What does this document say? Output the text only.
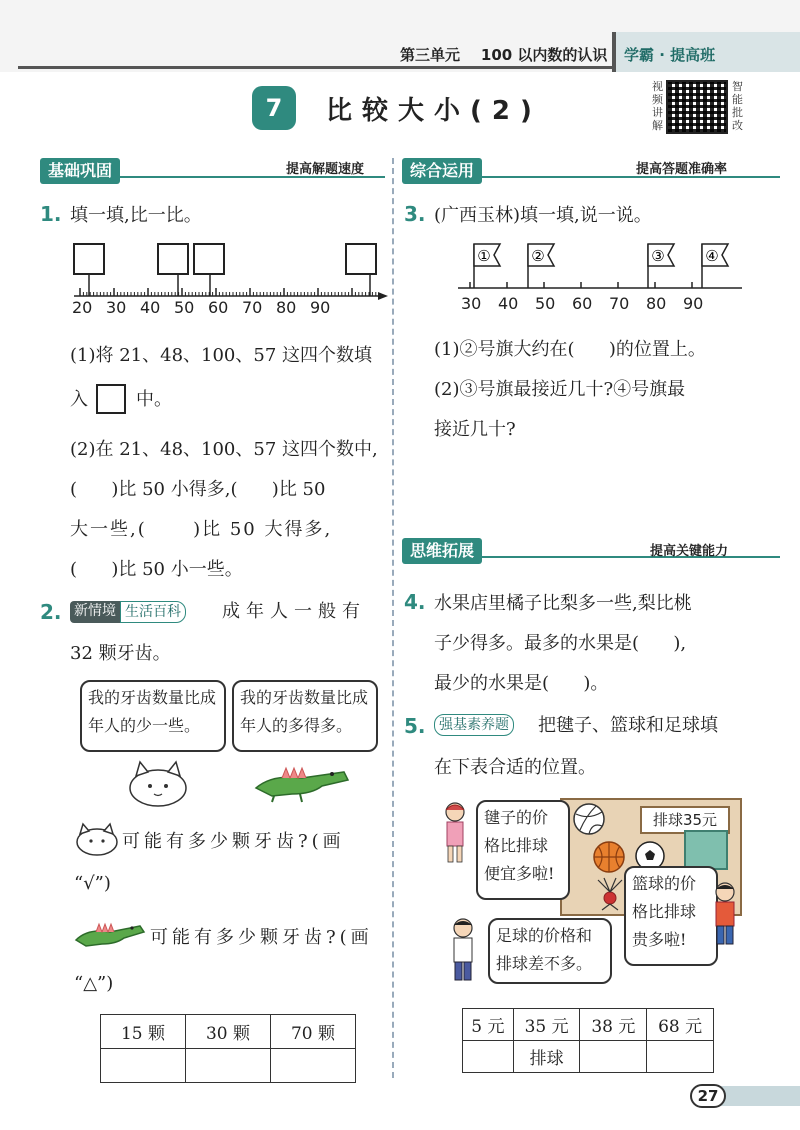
第三单元    100 以内数的认识 学霸 · 提高班
7	比较大小(2)
视频讲解
智能批改
基础巩固	提高解题速度
1. 填一填,比一比。
20 30 40 50 60 70 80 90
(1)将 21、48、100、57 这四个数填
入	中。
(2)在 21、48、100、57 这四个数中,
(      )比 50 小得多,(      )比 50
大一些,(      )比 50 大得多,
(      )比 50 小一些。
2. 新情境 生活百科 成年人一般有
32 颗牙齿。
我的牙齿数量比成年人的少一些。
我的牙齿数量比成年人的多得多。
可能有多少颗牙齿?(画
“√”)
可能有多少颗牙齿?(画
“△”)
15 颗	30 颗	70 颗

综合运用	提高答题准确率
3. (广西玉林)填一填,说一说。
①	②	③	④
30 40 50 60 70 80 90
(1)②号旗大约在(      )的位置上。
(2)③号旗最接近几十?④号旗最
接近几十?
思维拓展	提高关键能力
4. 水果店里橘子比梨多一些,梨比桃
子少得多。最多的水果是(      ),
最少的水果是(      )。
5. 强基素养题 把毽子、篮球和足球填
在下表合适的位置。
排球35元
毽子的价格比排球便宜多啦!
篮球的价格比排球贵多啦!
足球的价格和排球差不多。
5 元	35 元	38 元	68 元
	排球		
27
